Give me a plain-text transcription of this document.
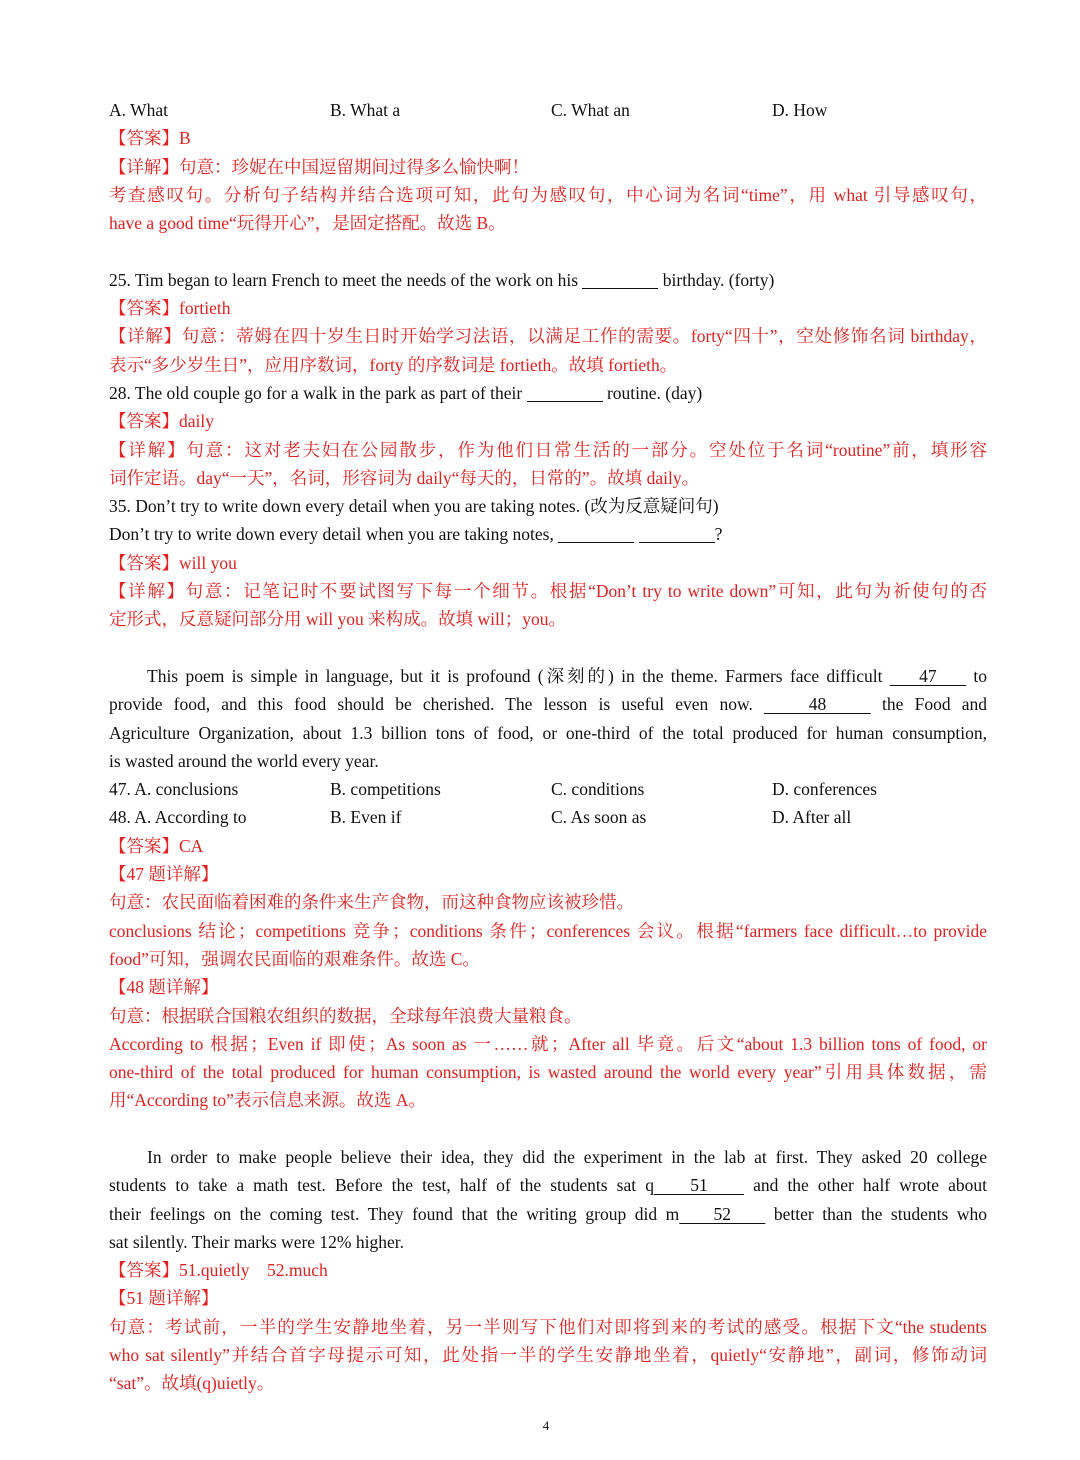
A. What	B. What a	C. What an	D. How
【答案】B
【详解】句意：珍妮在中国逗留期间过得多么愉快啊！
考查感叹句。分析句子结构并结合选项可知，此句为感叹句，中心词为名词“time”，用 what 引导感叹句，
have a good time“玩得开心”，是固定搭配。故选 B。
25. Tim began to learn French to meet the needs of the work on his	birthday. (forty)
【答案】fortieth
【详解】句意：蒂姆在四十岁生日时开始学习法语，以满足工作的需要。forty“四十”，空处修饰名词 birthday，
表示“多少岁生日”，应用序数词，forty 的序数词是 fortieth。故填 fortieth。
28. The old couple go for a walk in the park as part of their	routine. (day)
【答案】daily
【详解】句意：这对老夫妇在公园散步，作为他们日常生活的一部分。空处位于名词“routine”前，填形容
词作定语。day“一天”，名词，形容词为 daily“每天的，日常的”。故填 daily。
35. Don’t try to write down every detail when you are taking notes. (改为反意疑问句)
Don’t try to write down every detail when you are taking notes,	?
【答案】will you
【详解】句意：记笔记时不要试图写下每一个细节。根据“Don’t try to write down”可知，此句为祈使句的否
定形式，反意疑问部分用 will you 来构成。故填 will；you。
This poem is simple in language, but it is profound (深刻的) in the theme. Farmers face difficult     47     to
provide food, and this food should be cherished. The lesson is useful even now.     48     the Food and
Agriculture Organization, about 1.3 billion tons of food, or one-third of the total produced for human consumption,
is wasted around the world every year.
47. A. conclusions	B. competitions	C. conditions	D. conferences
48. A. According to	B. Even if	C. As soon as	D. After all
【答案】CA
【47 题详解】
句意：农民面临着困难的条件来生产食物，而这种食物应该被珍惜。
conclusions 结论；competitions 竞争；conditions 条件；conferences 会议。根据“farmers face difficult…to provide
food”可知，强调农民面临的艰难条件。故选 C。
【48 题详解】
句意：根据联合国粮农组织的数据，全球每年浪费大量粮食。
According to 根据；Even if 即使；As soon as 一……就；After all 毕竟。后文“about 1.3 billion tons of food, or
one-third of the total produced for human consumption, is wasted around the world every year”引用具体数据，需
用“According to”表示信息来源。故选 A。
In order to make people believe their idea, they did the experiment in the lab at first. They asked 20 college
students to take a math test. Before the test, half of the students sat q    51     and the other half wrote about
their feelings on the coming test. They found that the writing group did m    52     better than the students who
sat silently. Their marks were 12% higher.
【答案】51.quietly    52.much
【51 题详解】
句意：考试前，一半的学生安静地坐着，另一半则写下他们对即将到来的考试的感受。根据下文“the students
who sat silently”并结合首字母提示可知，此处指一半的学生安静地坐着，quietly“安静地”，副词，修饰动词
“sat”。故填(q)uietly。
4
